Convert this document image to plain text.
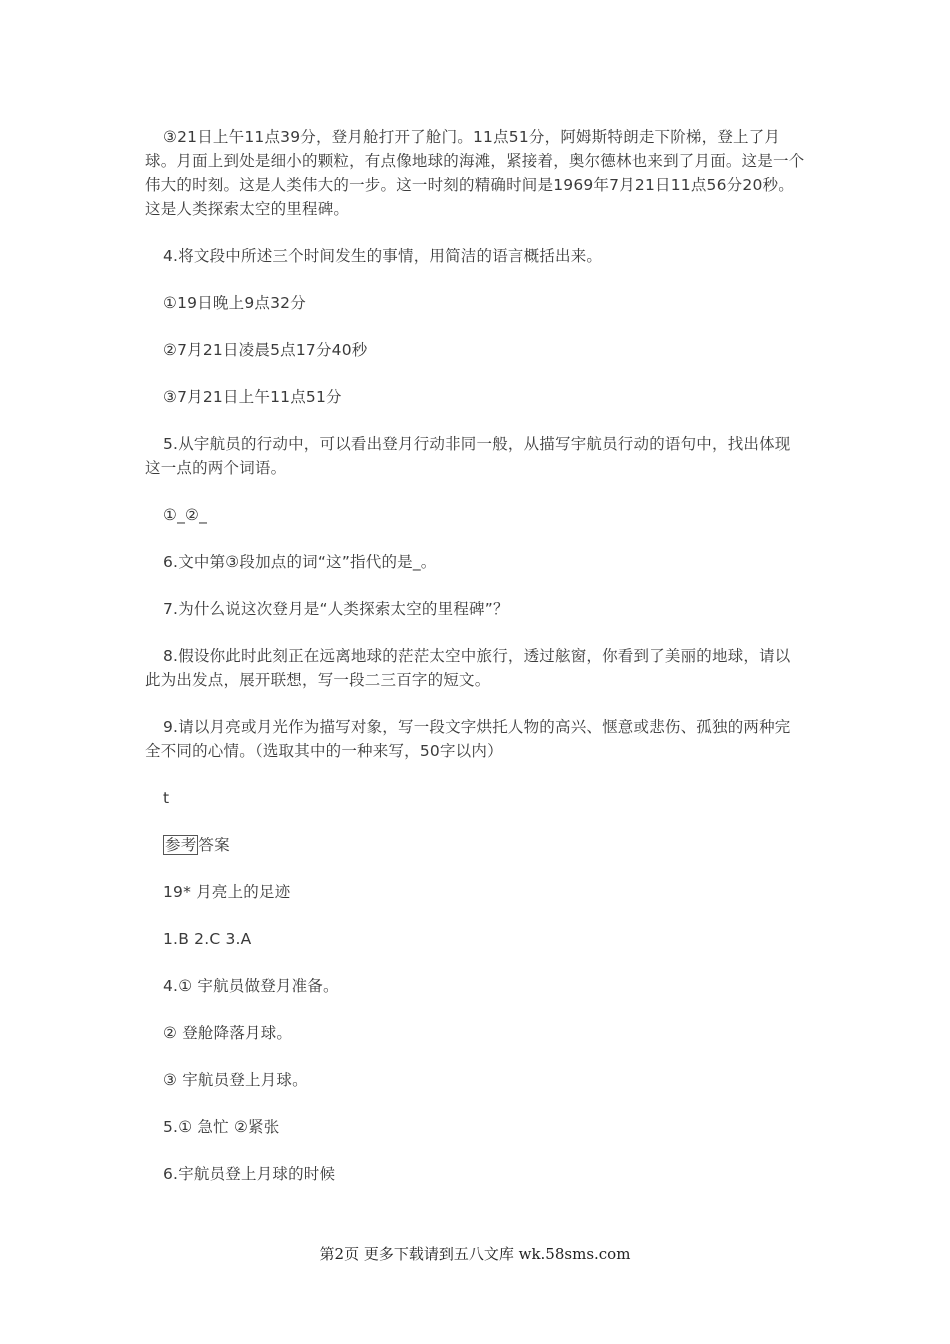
③21日上午11点39分，登月舱打开了舱门。11点51分，阿姆斯特朗走下阶梯，登上了月球。月面上到处是细小的颗粒，有点像地球的海滩，紧接着，奥尔德林也来到了月面。这是一个伟大的时刻。这是人类伟大的一步。这一时刻的精确时间是1969年7月21日11点56分20秒。这是人类探索太空的里程碑。

4.将文段中所述三个时间发生的事情，用简洁的语言概括出来。

①19日晚上9点32分

②7月21日凌晨5点17分40秒

③7月21日上午11点51分

5.从宇航员的行动中，可以看出登月行动非同一般，从描写宇航员行动的语句中，找出体现这一点的两个词语。

①_②_

6.文中第③段加点的词“这”指代的是_。

7.为什么说这次登月是“人类探索太空的里程碑”？

8.假设你此时此刻正在远离地球的茫茫太空中旅行，透过舷窗，你看到了美丽的地球，请以此为出发点，展开联想，写一段二三百字的短文。

9.请以月亮或月光作为描写对象，写一段文字烘托人物的高兴、惬意或悲伤、孤独的两种完全不同的心情。（选取其中的一种来写，50字以内）

t

参考 答案

19* 月亮上的足迹

1.B 2.C 3.A

4.① 宇航员做登月准备。

② 登舱降落月球。

③ 宇航员登上月球。

5.① 急忙 ②紧张

6.宇航员登上月球的时候

第2页 更多下载请到五八文库 wk.58sms.com
